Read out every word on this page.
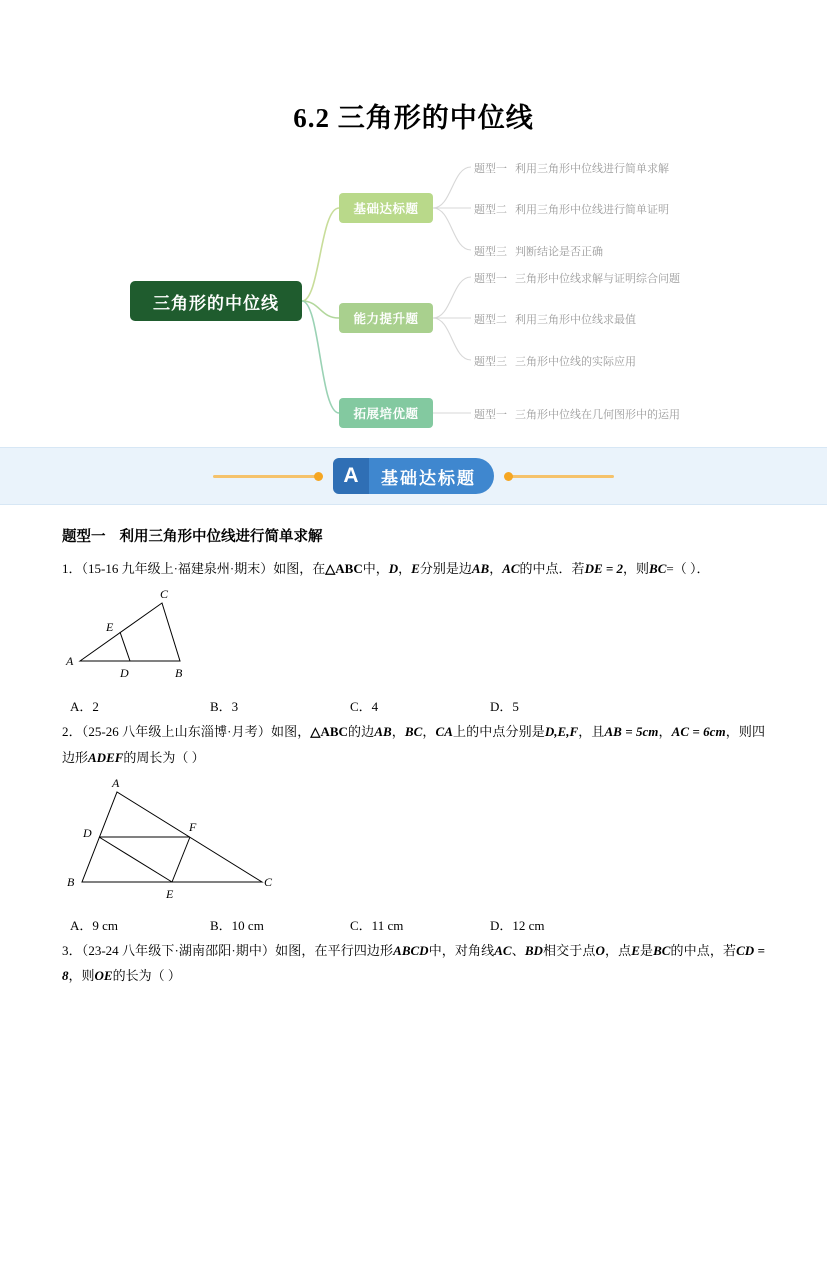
6.2 三角形的中位线
三角形的中位线
基础达标题
能力提升题
拓展培优题
题型一 利用三角形中位线进行简单求解
题型二 利用三角形中位线进行简单证明
题型三 判断结论是否正确
题型一 三角形中位线求解与证明综合问题
题型二 利用三角形中位线求最值
题型三 三角形中位线的实际应用
题型一 三角形中位线在几何图形中的运用
A	基础达标题
题型一 利用三角形中位线进行简单求解
1．（15-16 九年级上·福建泉州·期末）如图，在△ABC中，D，E分别是边AB，AC的中点．若DE = 2，则BC=（ ）．
C
E
A
D	B
A．2	B．3	C．4	D．5
2．（25-26 八年级上山东淄博·月考）如图，△ABC的边AB，BC，CA上的中点分别是D,E,F，且AB = 5cm，AC = 6cm，则四边形ADEF的周长为（ ）
A
D	F
B
E
C
A．9 cm	B．10 cm	C．11 cm	D．12 cm
3．（23-24 八年级下·湖南邵阳·期中）如图，在平行四边形ABCD中，对角线AC、BD相交于点O，点E是BC的中点，若CD = 8，则OE的长为（ ）
